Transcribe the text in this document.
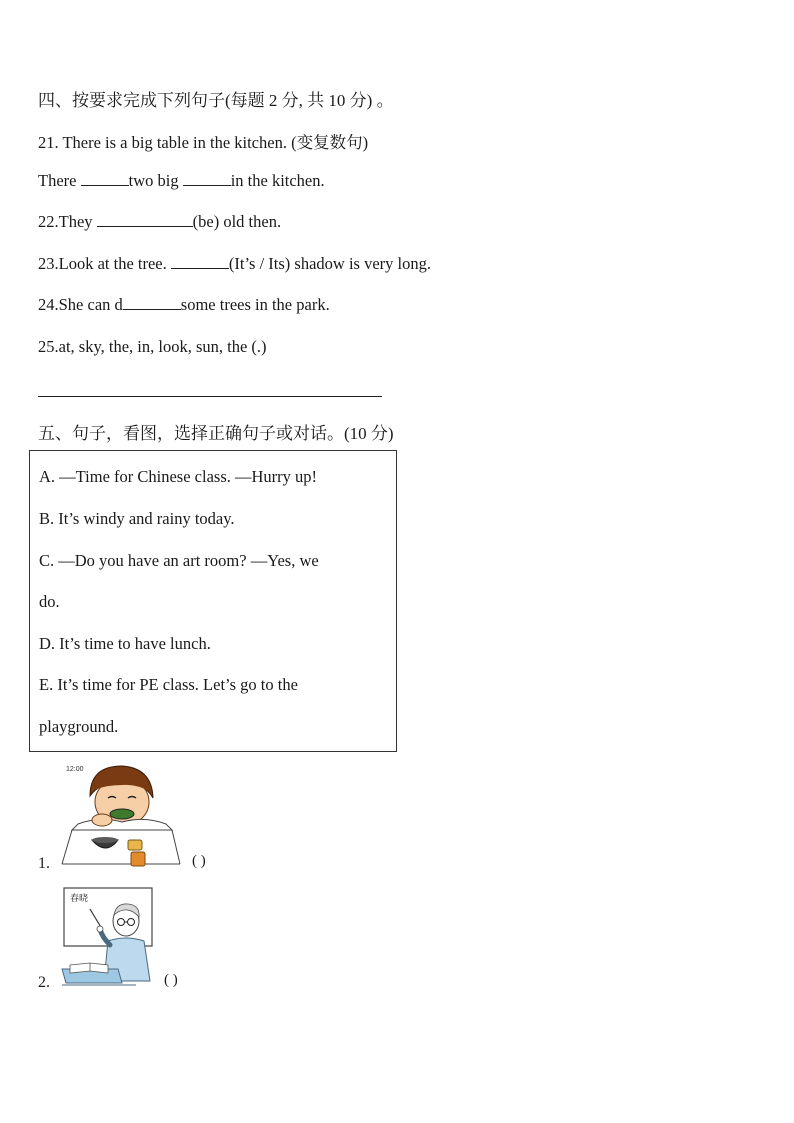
四、按要求完成下列句子(每题 2 分, 共 10 分) 。
21. There is a big table in the kitchen. (变复数句)
There	two big	in the kitchen.
22.They	(be) old then.
23.Look at the tree.	(It’s / Its) shadow is very long.
24.She can d	some trees in the park.
25.at, sky, the, in, look, sun, the (.)
五、句子，看图，选择正确句子或对话。(10 分)
A. —Time for Chinese class. —Hurry up!
B. It’s windy and rainy today.
C. —Do you have an art room? —Yes, we
do.
D. It’s time to have lunch.
E. It’s time for PE class. Let’s go to the
playground.
12:00
1.	( )
春晓
2.	( )
